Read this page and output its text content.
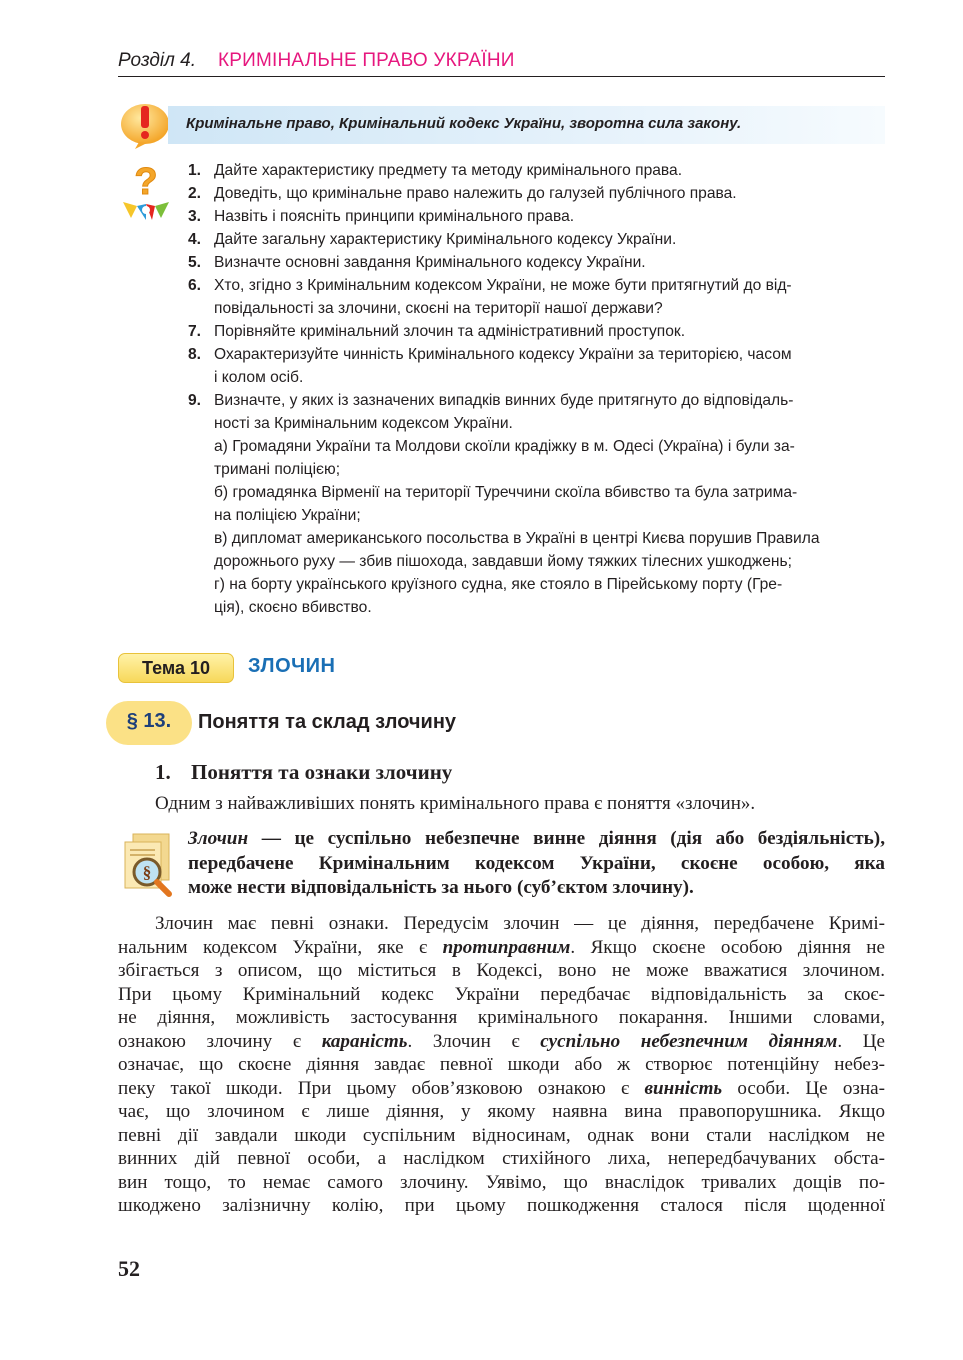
Розділ 4. КРИМІНАЛЬНЕ ПРАВО УКРАЇНИ
Кримінальне право, Кримінальний кодекс України, зворотна сила закону.
? 1. Дайте характеристику предмету та методу кримінального права.
2. Доведіть, що кримінальне право належить до галузей публічного права.
3. Назвіть і поясніть принципи кримінального права.
4. Дайте загальну характеристику Кримінального кодексу України.
5. Визначте основні завдання Кримінального кодексу України.
6. Хто, згідно з Кримінальним кодексом України, не може бути притягнутий до від-
повідальності за злочини, скоєні на території нашої держави?
7. Порівняйте кримінальний злочин та адміністративний проступок.
8. Охарактеризуйте чинність Кримінального кодексу України за територією, часом
і колом осіб.
9. Визначте, у яких із зазначених випадків винних буде притягнуто до відповідаль-
ності за Кримінальним кодексом України.
а) Громадяни України та Молдови скоїли крадіжку в м. Одесі (Україна) і були за-
тримані поліцією;
б) громадянка Вірменії на території Туреччини скоїла вбивство та була затрима-
на поліцією України;
в) дипломат американського посольства в Україні в центрі Києва порушив Правила
дорожнього руху — збив пішохода, завдавши йому тяжких тілесних ушкоджень;
г) на борту українського круїзного судна, яке стояло в Пірейському порту (Гре-
ція), скоєно вбивство.
Тема 10	ЗЛОЧИН
§ 13.	Поняття та склад злочину
1. Поняття та ознаки злочину
Одним з найважливіших понять кримінального права є поняття «злочин».
§
Злочин — це суспільно небезпечне винне діяння (дія або бездіяльність),
передбачене Кримінальним кодексом України, скоєне особою, яка
може нести відповідальність за нього (суб’єктом злочину).
Злочин має певні ознаки. Передусім злочин — це діяння, передбачене Кримі-
нальним кодексом України, яке є протиправним. Якщо скоєне особою діяння не
збігається з описом, що міститься в Кодексі, воно не може вважатися злочином.
При цьому Кримінальний кодекс України передбачає відповідальність за скоє-
не діяння, можливість застосування кримінального покарання. Іншими словами,
ознакою злочину є караність. Злочин є суспільно небезпечним діянням. Це
означає, що скоєне діяння завдає певної шкоди або ж створює потенційну небез-
пеку такої шкоди. При цьому обов’язковою ознакою є винність особи. Це озна-
чає, що злочином є лише діяння, у якому наявна вина правопорушника. Якщо
певні дії завдали шкоди суспільним відносинам, однак вони стали наслідком не
винних дій певної особи, а наслідком стихійного лиха, непередбачуваних обста-
вин тощо, то немає самого злочину. Уявімо, що внаслідок тривалих дощів по-
шкоджено залізничну колію, при цьому пошкодження сталося після щоденної
52
